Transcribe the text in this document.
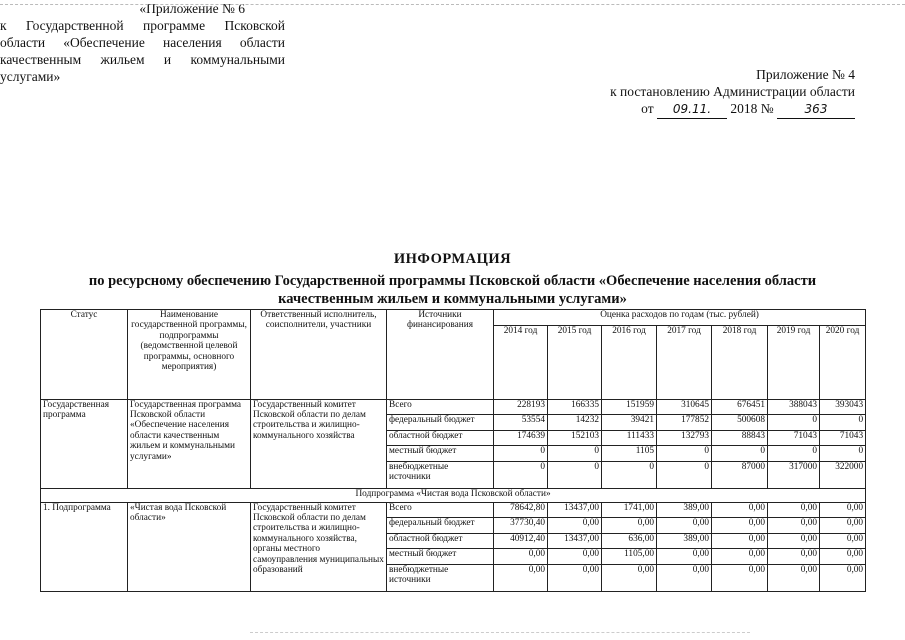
Приложение № 4
к постановлению Администрации области
от 09.11. 2018 №	363
«Приложение № 6
к Государственной программе Псковской области «Обеспечение населения области качественным жильем и коммунальными услугами»
ИНФОРМАЦИЯ
по ресурсному обеспечению Государственной программы Псковской области «Обеспечение населения области
качественным жильем и коммунальными услугами»
Статус	Наименование государственной программы, подпрограммы (ведомственной целевой программы, основного мероприятия)	Ответственный исполнитель, соисполнители, участники	Источники финансирования	Оценка расходов по годам (тыс. рублей)						
				2014 год	2015 год	2016 год	2017 год	2018 год	2019 год	2020 год
Государственная программа	Государственная программа Псковской области «Обеспечение населения области качественным жильем и коммунальными услугами»	Государственный комитет Псковской области по делам строительства и жилищно-коммунального хозяйства	Всего	228193	166335	151959	310645	676451	388043	393043
			федеральный бюджет	53554	14232	39421	177852	500608	0	0
			областной бюджет	174639	152103	111433	132793	88843	71043	71043
			местный бюджет	0	0	1105	0	0	0	0
			внебюджетные источники	0	0	0	0	87000	317000	322000
Подпрограмма «Чистая вода Псковской области»										
1. Подпрограмма	«Чистая вода Псковской области»	Государственный комитет Псковской области по делам строительства и жилищно-коммунального хозяйства, органы местного самоуправления муниципальных образований	Всего	78642,80	13437,00	1741,00	389,00	0,00	0,00	0,00
			федеральный бюджет	37730,40	0,00	0,00	0,00	0,00	0,00	0,00
			областной бюджет	40912,40	13437,00	636,00	389,00	0,00	0,00	0,00
			местный бюджет	0,00	0,00	1105,00	0,00	0,00	0,00	0,00
			внебюджетные источники	0,00	0,00	0,00	0,00	0,00	0,00	0,00
